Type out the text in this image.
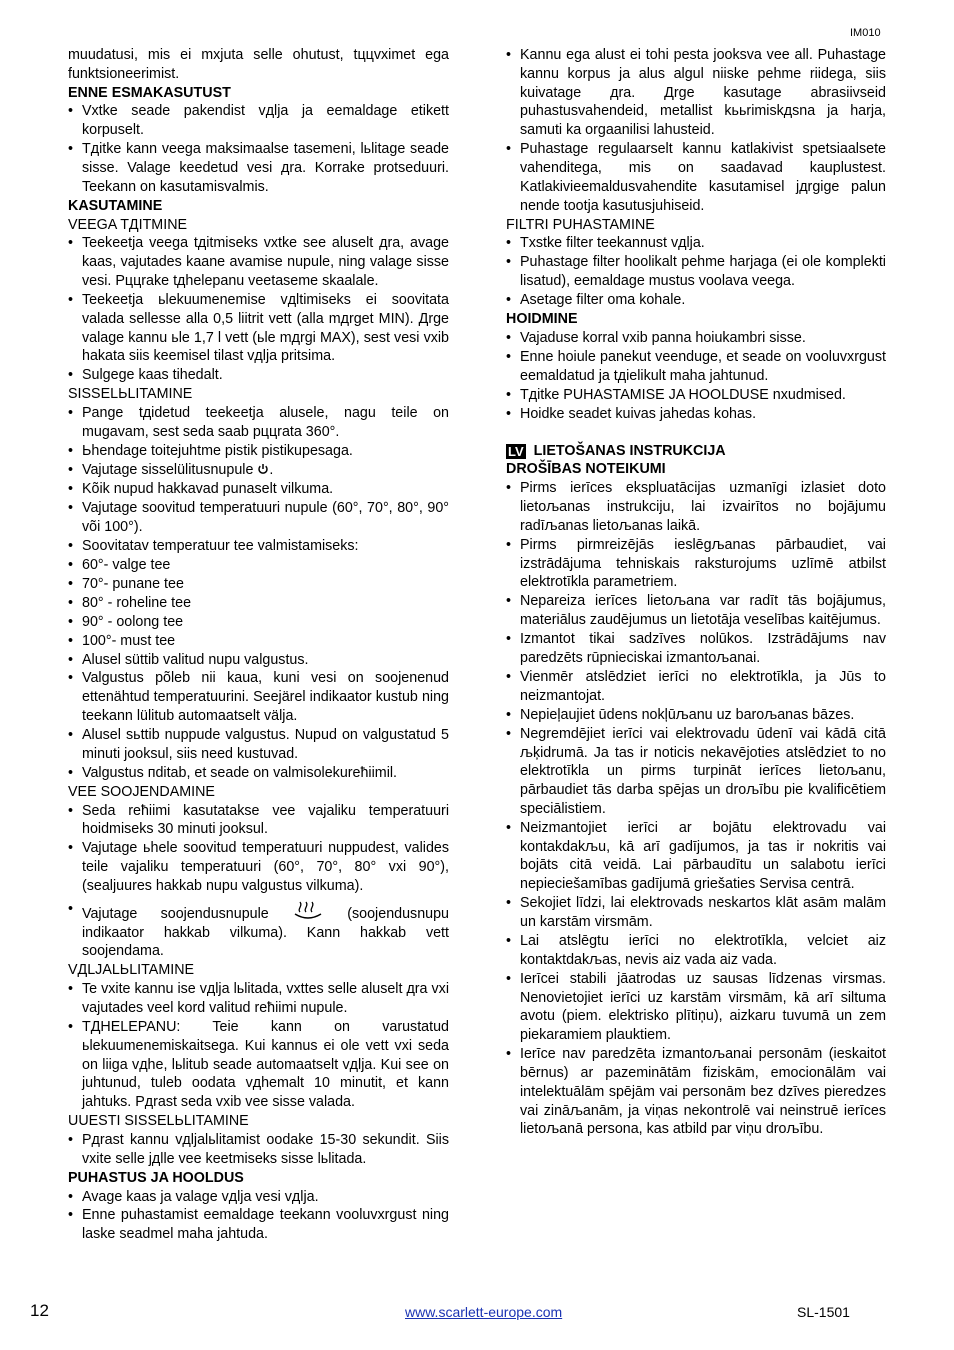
IM010

muudatusi, mis ei mxjuta selle ohutust, tццvximet ega funktsioneerimist.

ENNE ESMAKASUTUST
• Vxtke seade pakendist vдlja ja eemaldage etikett korpuselt.
• Tдitke kann veega maksimaalse tasemeni, lьlitage seade sisse. Valage keedetud vesi дra. Korrake protseduuri. Teekann on kasutamisvalmis.
KASUTAMINE
VEEGA TДITMINE
• Teekeetja veega tдitmiseks vxtke see aluselt дra, avage kaas, vajutades kaane avamise nupule, ning valage sisse vesi. Pццrake tдhelepanu veetaseme skaalale.
• Teekeetja ьlekuumenemise vдltimiseks ei soovitata valada sellesse alla 0,5 liitrit vett (alla mдrget MIN). Дrge valage kannu ьle 1,7 l vett (ьle mдrgi MAX), sest vesi vxib hakata siis keemisel tilast vдlja pritsima.
• Sulgege kaas tihedalt.
SISSELЬLITAMINE
• Pange tдidetud teekeetja alusele, nagu teile on mugavam, sest seda saab pццrata 360°.
• Ьhendage toitejuhtme pistik pistikupesaga.
• Vajutage sisselülitusnupule .
• Kõik nupud hakkavad punaselt vilkuma.
• Vajutage soovitud temperatuuri nupule (60°, 70°, 80°, 90° või 100°).
• Soovitatav temperatuur tee valmistamiseks:
• 60°- valge tee
• 70°- punane tee
• 80° - roheline tee
• 90° - oolong tee
• 100°- must tee
• Alusel süttib valitud nupu valgustus.
• Valgustus põleb nii kaua, kuni vesi on soojenenud ettenähtud temperatuurini. Seejärel indikaator kustub ning teekann lülitub automaatselt välja.
• Alusel sьttib nuppude valgustus. Nupud on valgustatud 5 minuti jooksul, siis need kustuvad.
• Valgustus пditab, et seade on valmisolekureћiimil.
VEE SOOJENDAMINE
• Seda reћiimi kasutatakse vee vajaliku temperatuuri hoidmiseks 30 minuti jooksul.
• Vajutage ьhele soovitud temperatuuri nuppudest, valides teile vajaliku temperatuuri (60°, 70°, 80° vxi 90°), (sealjuures hakkab nupu valgustus vilkuma).
• Vajutage soojendusnupule	(soojendusnupu indikaator hakkab vilkuma). Kann hakkab vett soojendama.
VДLJALЬLITAMINE
• Te vxite kannu ise vдlja lьlitada, vxttes selle aluselt дra vxi vajutades veel kord valitud reћiimi nupule.
• TДHELEPANU: Teie kann on varustatud ьlekuumenemiskaitsega. Kui kannus ei ole vett vxi seda on liiga vдhe, lьlitub seade automaatselt vдlja. Kui see on juhtunud, tuleb oodata vдhemalt 10 minutit, et kann jahtuks. Pдrast seda vxib vee sisse valada.
UUESTI SISSELЬLITAMINE
• Pдrast kannu vдljalьlitamist oodake 15-30 sekundit. Siis vxite selle jдlle vee keetmiseks sisse lьlitada.
PUHASTUS JA HOOLDUS
• Avage kaas ja valage vдlja vesi vдlja.
• Enne puhastamist eemaldage teekann vooluvxrgust ning laske seadmel maha jahtuda.
• Kannu ega alust ei tohi pesta jooksva vee all. Puhastage kannu korpus ja alus algul niiske pehme riidega, siis kuivatage дra. Дrge kasutage abrasiivseid puhastusvahendeid, metallist kььrimiskдsna ja harja, samuti ka orgaanilisi lahusteid.
• Puhastage regulaarselt kannu katlakivist spetsiaalsete vahenditega, mis on saadavad kauplustest. Katlakivieemaldusvahendite kasutamisel jдrgige palun nende tootja kasutusjuhiseid.
FILTRI PUHASTAMINE
• Txstke filter teekannust vдlja.
• Puhastage filter hoolikalt pehme harjaga (ei ole komplekti lisatud), eemaldage mustus voolava veega.
• Asetage filter oma kohale.
HOIDMINE
• Vajaduse korral vxib panna hoiukambri sisse.
• Enne hoiule panekut veenduge, et seade on vooluvxrgust eemaldatud ja tдielikult maha jahtunud.
• Tдitke PUHASTAMISE JA HOOLDUSE nxudmised.
• Hoidke seadet kuivas jahedas kohas.
LV LIETOŠANAS INSTRUKCIJA
DROŠĪBAS NOTEIKUMI
• Pirms ierīces ekspluatācijas uzmanīgi izlasiet doto lietoљanas instrukciju, lai izvairītos no bojājumu radīљanas lietoљanas laikā.
• Pirms pirmreizējās ieslēgљanas pārbaudiet, vai izstrādājuma tehniskais raksturojums uzlīmē atbilst elektrotīkla parametriem.
• Nepareiza ierīces lietoљana var radīt tās bojājumus, materiālus zaudējumus un lietotāja veselības kaitējumus.
• Izmantot tikai sadzīves nolūkos. Izstrādājums nav paredzēts rūpnieciskai izmantoљanai.
• Vienmēr atslēdziet ierīci no elektrotīkla, ja Jūs to neizmantojat.
• Nepieļaujiet ūdens nokļūљanu uz baroљanas bāzes.
• Negremdējiet ierīci vai elektrovadu ūdenī vai kādā citā љķidrumā. Ja tas ir noticis nekavējoties atslēdziet to no elektrotīkla un pirms turpināt ierīces lietoљanu, pārbaudiet tās darba spējas un droљību pie kvalificētiem speciālistiem.
• Neizmantojiet ierīci ar bojātu elektrovadu vai kontakdakљu, kā arī gadījumos, ja tas ir nokritis vai bojāts citā veidā. Lai pārbaudītu un salabotu ierīci nepieciešamības gadījumā griešaties Servisa centrā.
• Sekojiet līdzi, lai elektrovads neskartos klāt asām malām un karstām virsmām.
• Lai atslēgtu ierīci no elektrotīkla, velciet aiz kontaktdakљas, nevis aiz vada aiz vada.
• Ierīcei stabili jāatrodas uz sausas līdzenas virsmas. Nenovietojiet ierīci uz karstām virsmām, kā arī siltuma avotu (piem. elektrisko plītiņu), aizkaru tuvumā un zem piekaramiem plauktiem.
• Ierīce nav paredzēta izmantoљanai personām (ieskaitot bērnus) ar pazeminātām fiziskām, emocionālām vai intelektuālām spējām vai personām bez dzīves pieredzes vai zināљanām, ja viņas nekontrolē vai neinstruē ierīces lietoљanā persona, kas atbild par viņu droљību.
12	www.scarlett-europe.com	SL-1501
